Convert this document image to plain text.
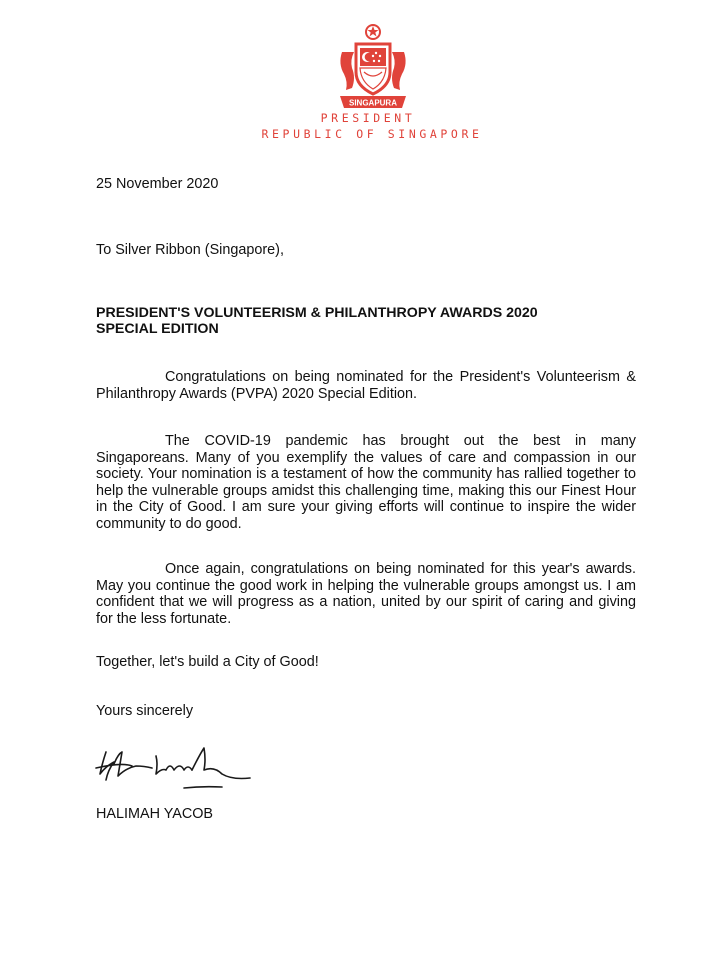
SINGAPURA
PRESIDENT
REPUBLIC OF SINGAPORE
25 November 2020
To Silver Ribbon (Singapore),
PRESIDENT'S VOLUNTEERISM & PHILANTHROPY AWARDS 2020
SPECIAL EDITION
Congratulations on being nominated for the President's Volunteerism & Philanthropy Awards (PVPA) 2020 Special Edition.
The COVID-19 pandemic has brought out the best in many Singaporeans. Many of you exemplify the values of care and compassion in our society. Your nomination is a testament of how the community has rallied together to help the vulnerable groups amidst this challenging time, making this our Finest Hour in the City of Good. I am sure your giving efforts will continue to inspire the wider community to do good.
Once again, congratulations on being nominated for this year's awards. May you continue the good work in helping the vulnerable groups amongst us. I am confident that we will progress as a nation, united by our spirit of caring and giving for the less fortunate.
Together, let's build a City of Good!
Yours sincerely
HALIMAH YACOB
